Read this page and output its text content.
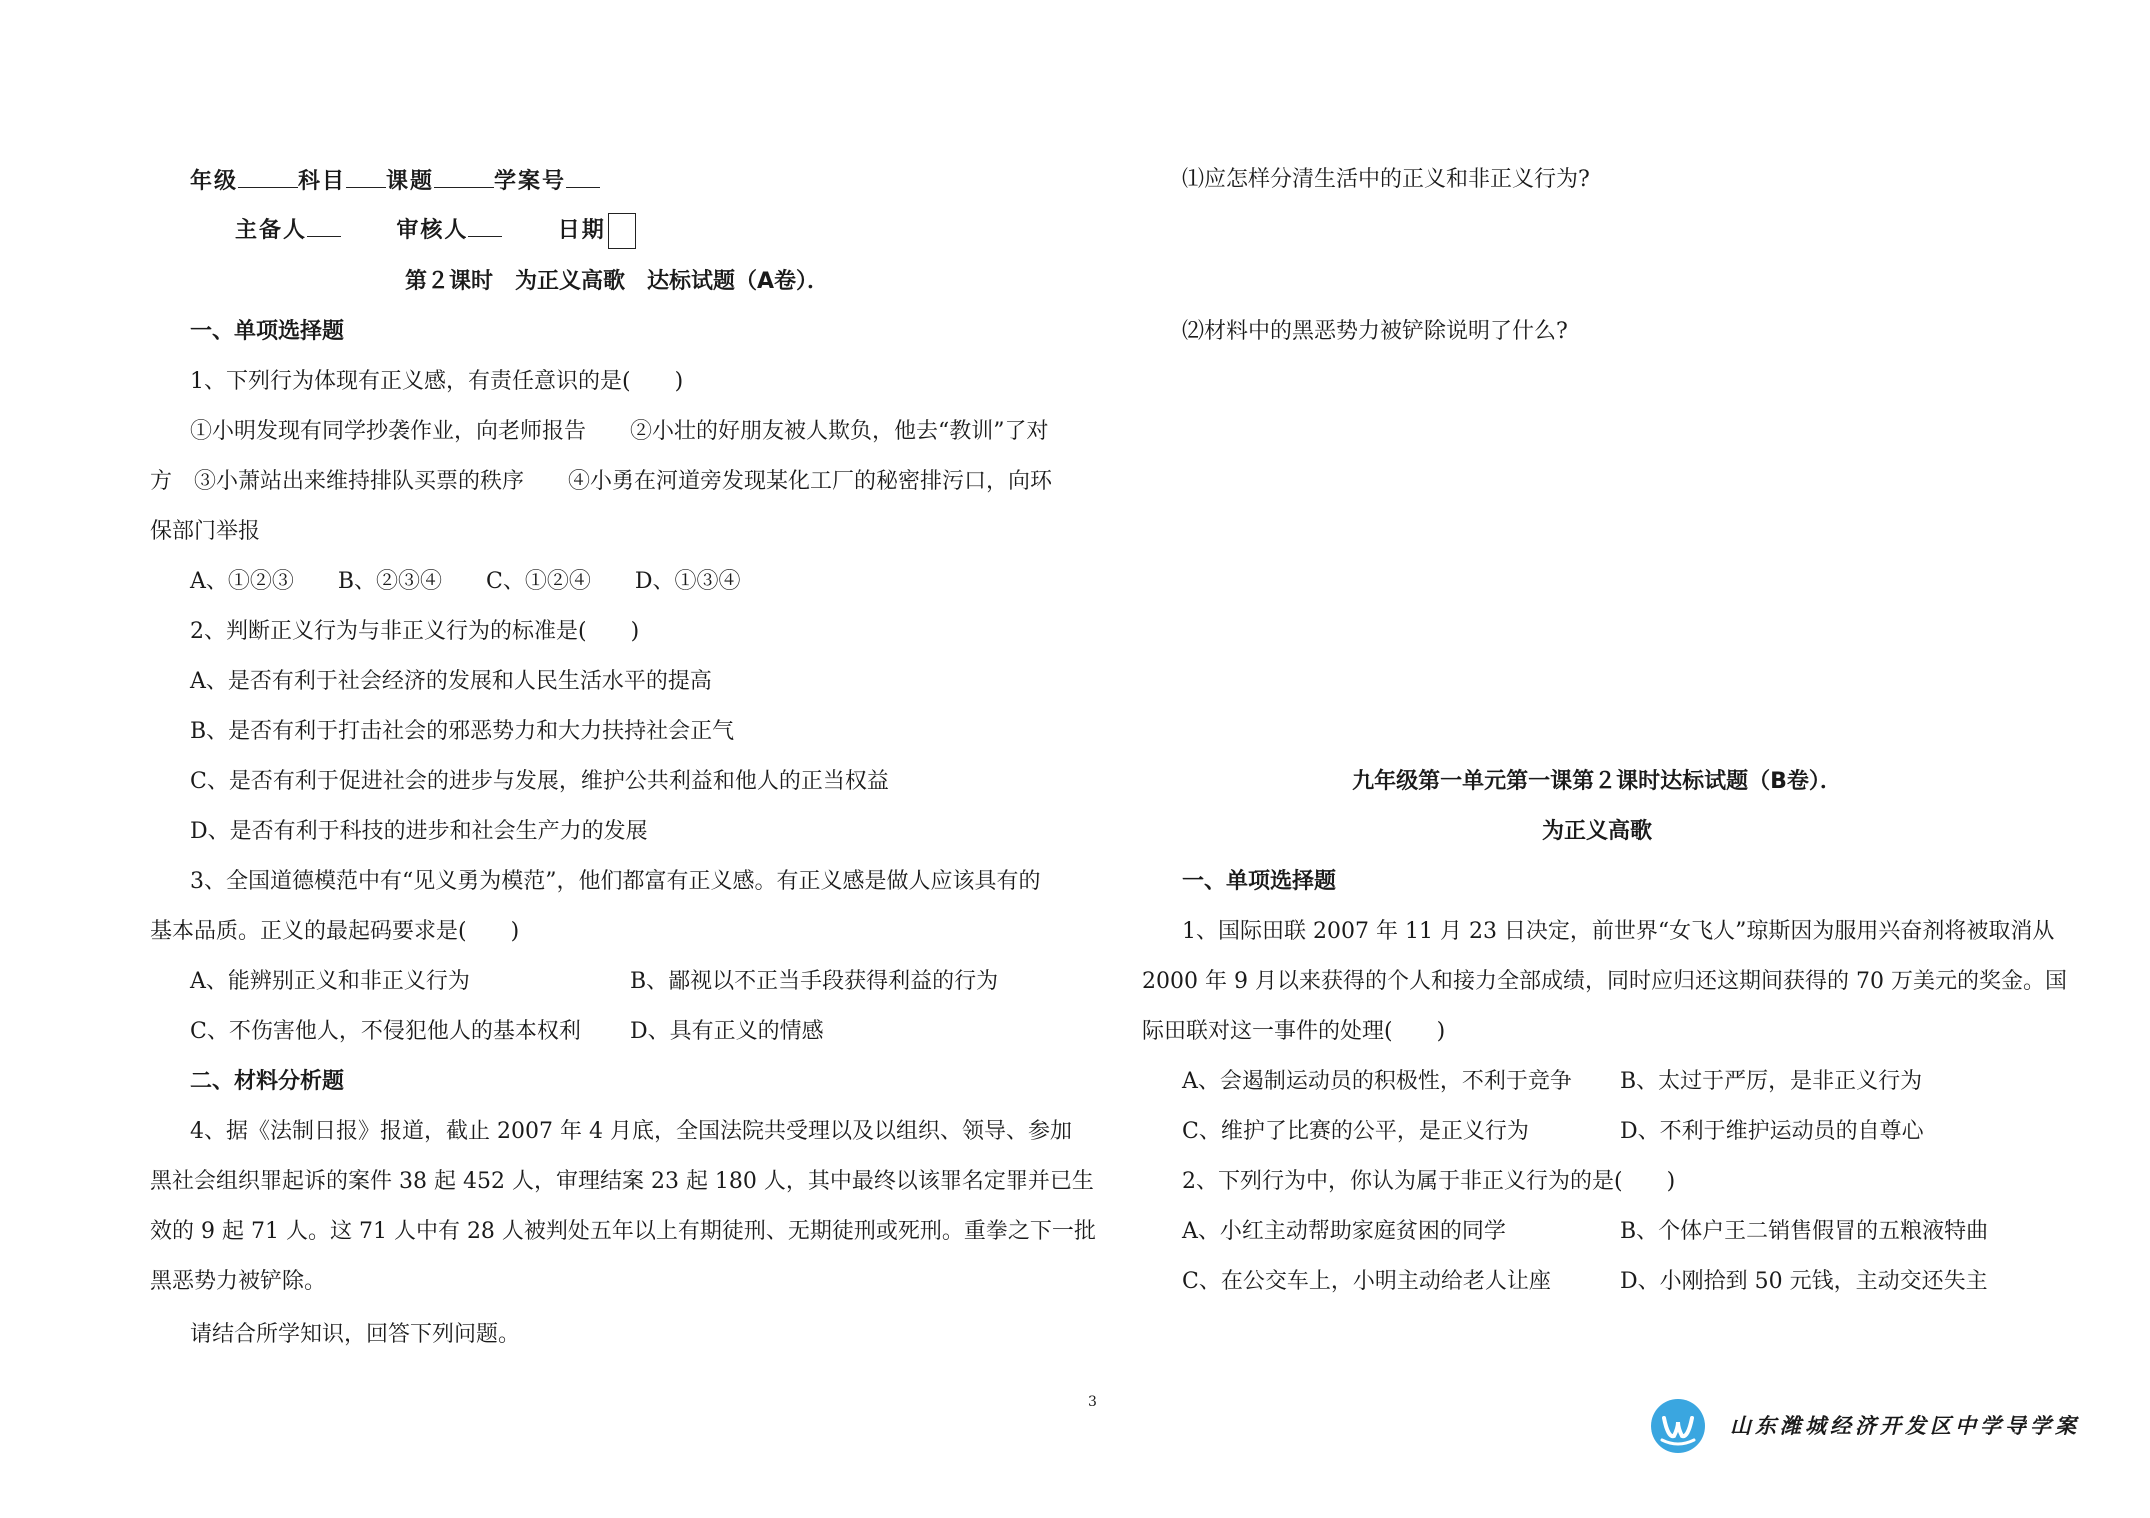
年级	科目 课题	学案号
主备人	审核人	日期
第２课时　为正义高歌　达标试题（A卷）．
一、单项选择题
1、下列行为体现有正义感，有责任意识的是(　　)
①小明发现有同学抄袭作业，向老师报告　　②小壮的好朋友被人欺负，他去“教训”了对
方　③小萧站出来维持排队买票的秩序　　④小勇在河道旁发现某化工厂的秘密排污口，向环
保部门举报
A、①②③　　B、②③④　　C、①②④　　D、①③④
2、判断正义行为与非正义行为的标准是(　　)
A、是否有利于社会经济的发展和人民生活水平的提高
B、是否有利于打击社会的邪恶势力和大力扶持社会正气
C、是否有利于促进社会的进步与发展，维护公共利益和他人的正当权益
D、是否有利于科技的进步和社会生产力的发展
3、全国道德模范中有“见义勇为模范”，他们都富有正义感。有正义感是做人应该具有的
基本品质。正义的最起码要求是(　　)
A、能辨别正义和非正义行为	B、鄙视以不正当手段获得利益的行为
C、不伤害他人，不侵犯他人的基本权利 D、具有正义的情感
二、材料分析题
4、据《法制日报》报道，截止 2007 年 4 月底，全国法院共受理以及以组织、领导、参加
黑社会组织罪起诉的案件 38 起 452 人，审理结案 23 起 180 人，其中最终以该罪名定罪并已生
效的 9 起 71 人。这 71 人中有 28 人被判处五年以上有期徒刑、无期徒刑或死刑。重拳之下一批
黑恶势力被铲除。
请结合所学知识，回答下列问题。
⑴应怎样分清生活中的正义和非正义行为?
⑵材料中的黑恶势力被铲除说明了什么?
九年级第一单元第一课第２课时达标试题（B卷）．
为正义高歌
一、单项选择题
1、国际田联 2007 年 11 月 23 日决定，前世界“女飞人”琼斯因为服用兴奋剂将被取消从
2000 年 9 月以来获得的个人和接力全部成绩，同时应归还这期间获得的 70 万美元的奖金。国
际田联对这一事件的处理(　　)
A、会遏制运动员的积极性，不利于竞争 B、太过于严厉，是非正义行为
C、维护了比赛的公平，是正义行为	D、不利于维护运动员的自尊心
2、下列行为中，你认为属于非正义行为的是(　　)
A、小红主动帮助家庭贫困的同学	B、个体户王二销售假冒的五粮液特曲
C、在公交车上，小明主动给老人让座	D、小刚拾到 50 元钱，主动交还失主
3
山东潍城经济开发区中学导学案
